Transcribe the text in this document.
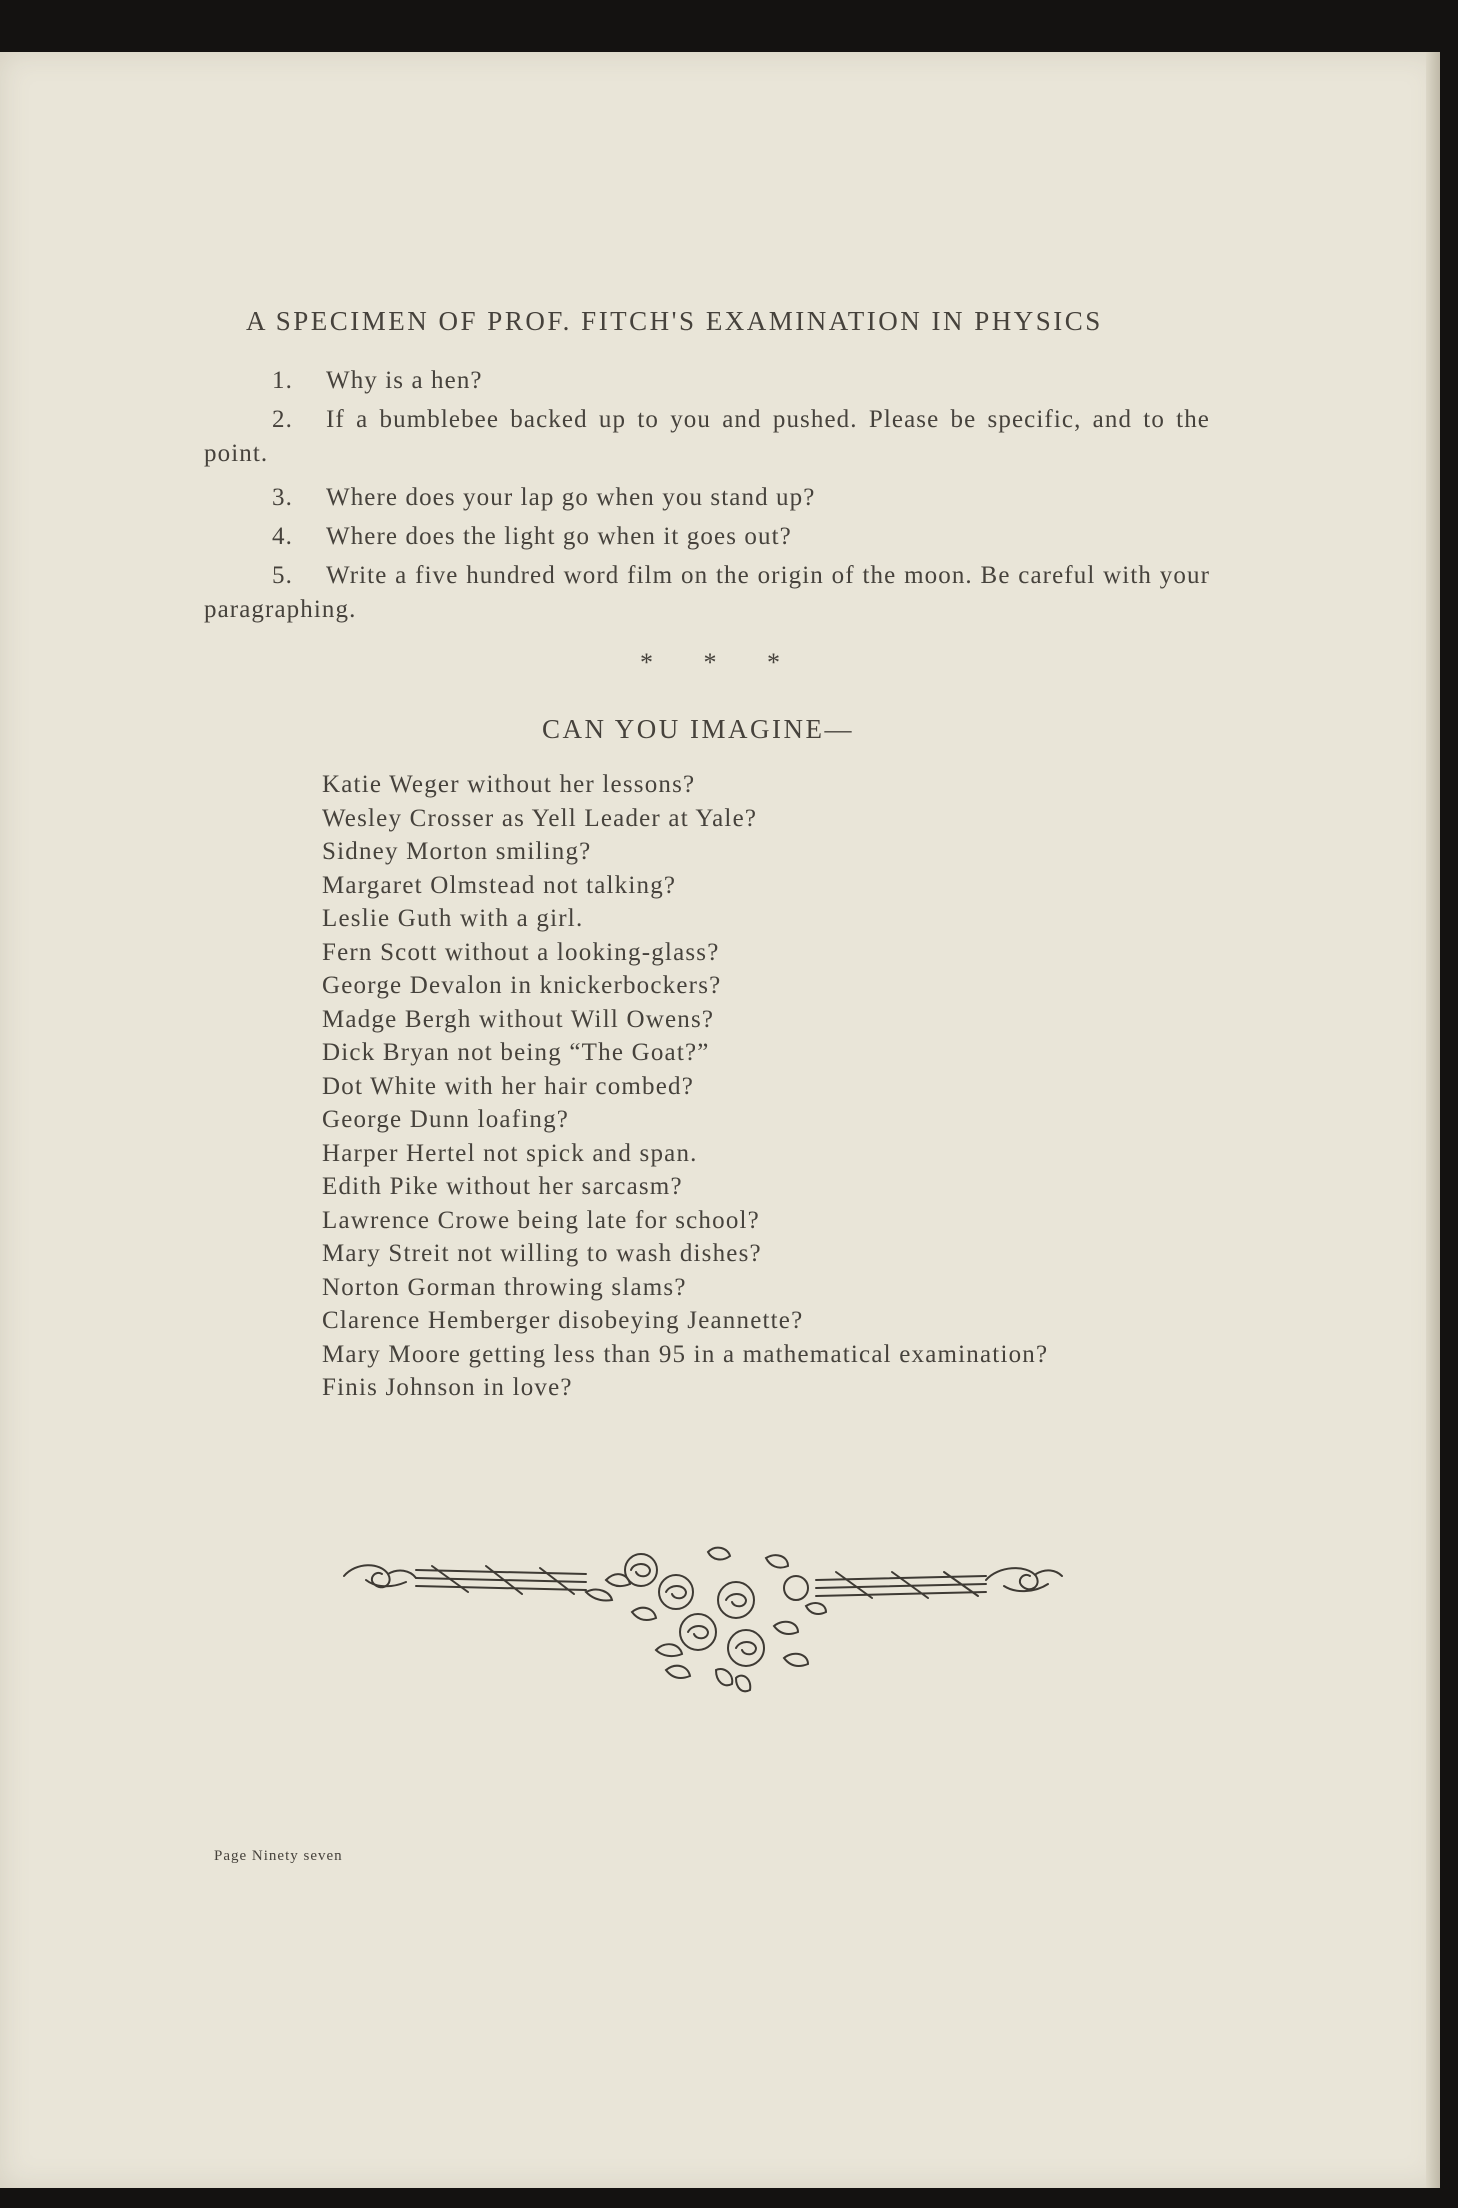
A SPECIMEN OF PROF. FITCH'S EXAMINATION IN PHYSICS
1. Why is a hen?
2. If a bumblebee backed up to you and pushed. Please be specific, and to the point.
3. Where does your lap go when you stand up?
4. Where does the light go when it goes out?
5. Write a five hundred word film on the origin of the moon. Be careful with your paragraphing.
* * *
CAN YOU IMAGINE—
Katie Weger without her lessons?
Wesley Crosser as Yell Leader at Yale?
Sidney Morton smiling?
Margaret Olmstead not talking?
Leslie Guth with a girl.
Fern Scott without a looking-glass?
George Devalon in knickerbockers?
Madge Bergh without Will Owens?
Dick Bryan not being “The Goat?”
Dot White with her hair combed?
George Dunn loafing?
Harper Hertel not spick and span.
Edith Pike without her sarcasm?
Lawrence Crowe being late for school?
Mary Streit not willing to wash dishes?
Norton Gorman throwing slams?
Clarence Hemberger disobeying Jeannette?
Mary Moore getting less than 95 in a mathematical examination?
Finis Johnson in love?
Page Ninety seven
